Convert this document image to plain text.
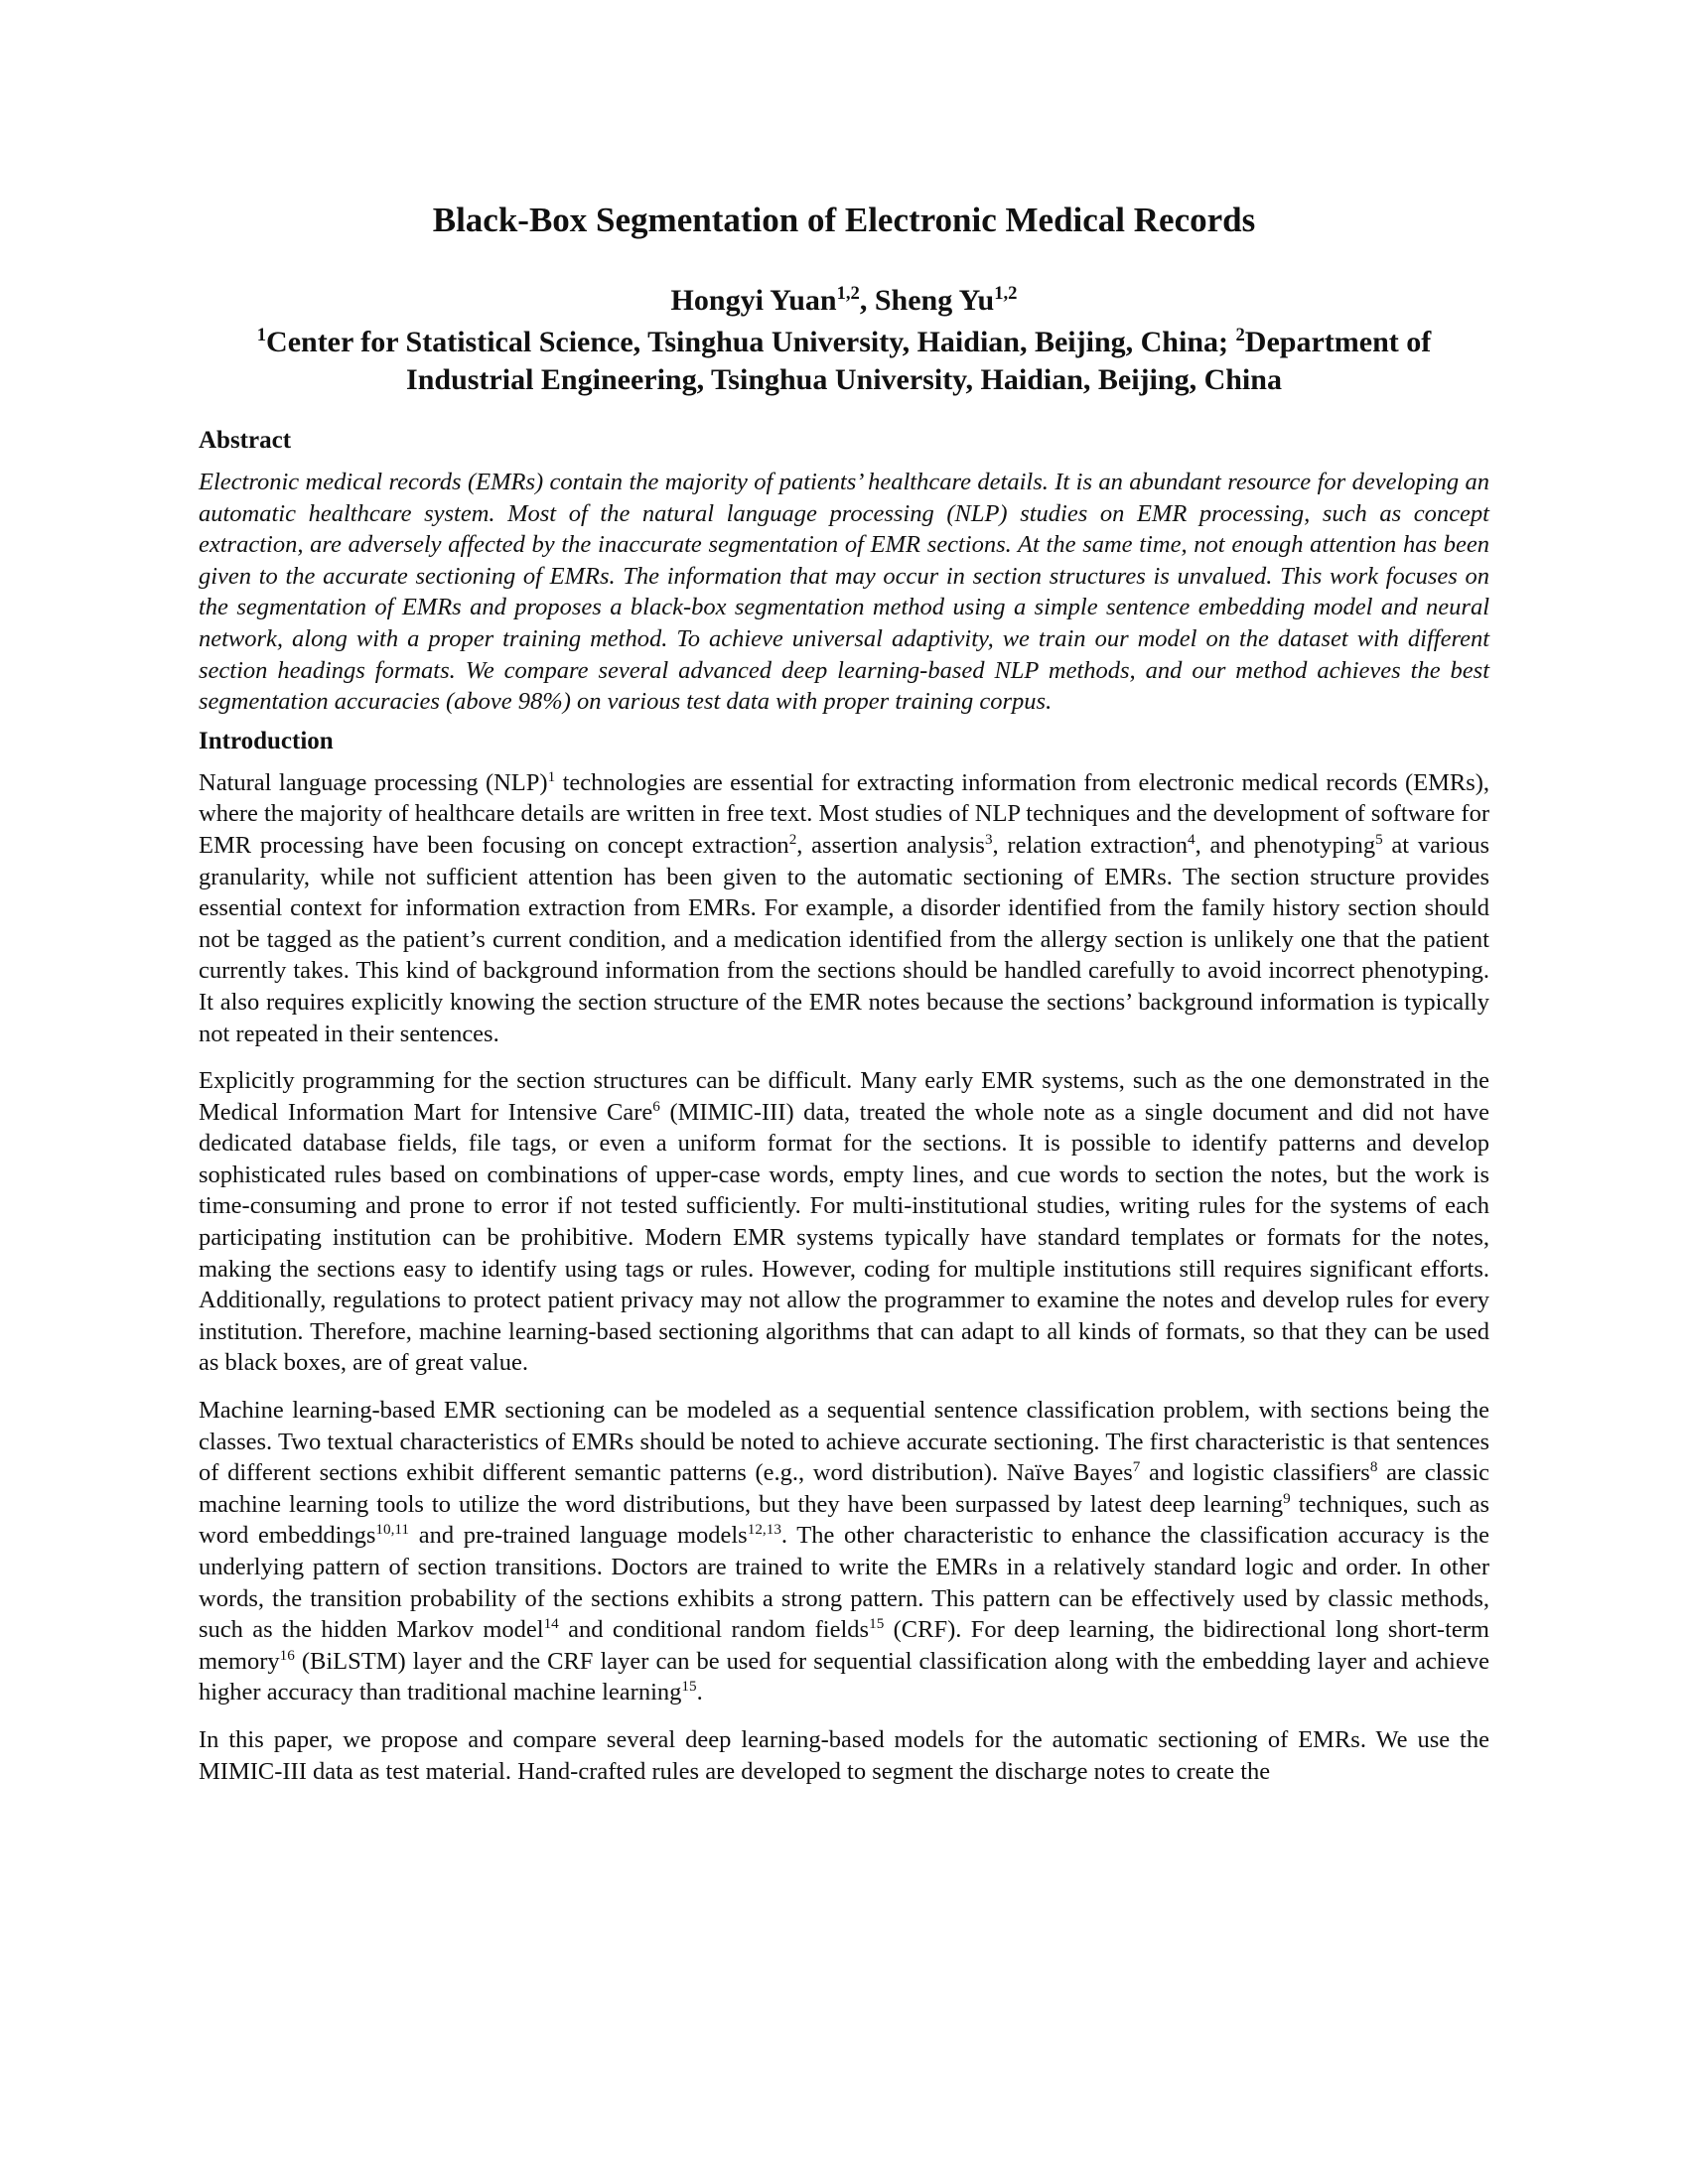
Black-Box Segmentation of Electronic Medical Records
Hongyi Yuan$^{1,2}$, Sheng Yu$^{1,2}$
$^1$Center for Statistical Science, Tsinghua University, Haidian, Beijing, China; $^2$Department of Industrial Engineering, Tsinghua University, Haidian, Beijing, China
Abstract

Electronic medical records (EMRs) contain the majority of patients’ healthcare details. It is an abundant resource for developing an automatic healthcare system. Most of the natural language processing (NLP) studies on EMR processing, such as concept extraction, are adversely affected by the inaccurate segmentation of EMR sections. At the same time, not enough attention has been given to the accurate sectioning of EMRs. The information that may occur in section structures is unvalued. This work focuses on the segmentation of EMRs and proposes a black-box segmentation method using a simple sentence embedding model and neural network, along with a proper training method. To achieve universal adaptivity, we train our model on the dataset with different section headings formats. We compare several advanced deep learning-based NLP methods, and our method achieves the best segmentation accuracies (above 98%) on various test data with proper training corpus.

Introduction

Natural language processing (NLP)$^1$ technologies are essential for extracting information from electronic medical records (EMRs), where the majority of healthcare details are written in free text. Most studies of NLP techniques and the development of software for EMR processing have been focusing on concept extraction$^2$, assertion analysis$^3$, relation extraction$^4$, and phenotyping$^5$ at various granularity, while not sufficient attention has been given to the automatic sectioning of EMRs. The section structure provides essential context for information extraction from EMRs. For example, a disorder identified from the family history section should not be tagged as the patient’s current condition, and a medication identified from the allergy section is unlikely one that the patient currently takes. This kind of background information from the sections should be handled carefully to avoid incorrect phenotyping. It also requires explicitly knowing the section structure of the EMR notes because the sections’ background information is typically not repeated in their sentences.

Explicitly programming for the section structures can be difficult. Many early EMR systems, such as the one demonstrated in the Medical Information Mart for Intensive Care$^6$ (MIMIC-III) data, treated the whole note as a single document and did not have dedicated database fields, file tags, or even a uniform format for the sections. It is possible to identify patterns and develop sophisticated rules based on combinations of upper-case words, empty lines, and cue words to section the notes, but the work is time-consuming and prone to error if not tested sufficiently. For multi-institutional studies, writing rules for the systems of each participating institution can be prohibitive. Modern EMR systems typically have standard templates or formats for the notes, making the sections easy to identify using tags or rules. However, coding for multiple institutions still requires significant efforts. Additionally, regulations to protect patient privacy may not allow the programmer to examine the notes and develop rules for every institution. Therefore, machine learning-based sectioning algorithms that can adapt to all kinds of formats, so that they can be used as black boxes, are of great value.

Machine learning-based EMR sectioning can be modeled as a sequential sentence classification problem, with sections being the classes. Two textual characteristics of EMRs should be noted to achieve accurate sectioning. The first characteristic is that sentences of different sections exhibit different semantic patterns (e.g., word distribution). Naïve Bayes$^7$ and logistic classifiers$^8$ are classic machine learning tools to utilize the word distributions, but they have been surpassed by latest deep learning$^9$ techniques, such as word embeddings$^{10,11}$ and pre-trained language models$^{12,13}$. The other characteristic to enhance the classification accuracy is the underlying pattern of section transitions. Doctors are trained to write the EMRs in a relatively standard logic and order. In other words, the transition probability of the sections exhibits a strong pattern. This pattern can be effectively used by classic methods, such as the hidden Markov model$^{14}$ and conditional random fields$^{15}$ (CRF). For deep learning, the bidirectional long short-term memory$^{16}$ (BiLSTM) layer and the CRF layer can be used for sequential classification along with the embedding layer and achieve higher accuracy than traditional machine learning$^{15}$.

In this paper, we propose and compare several deep learning-based models for the automatic sectioning of EMRs. We use the MIMIC-III data as test material. Hand-crafted rules are developed to segment the discharge notes to create the
